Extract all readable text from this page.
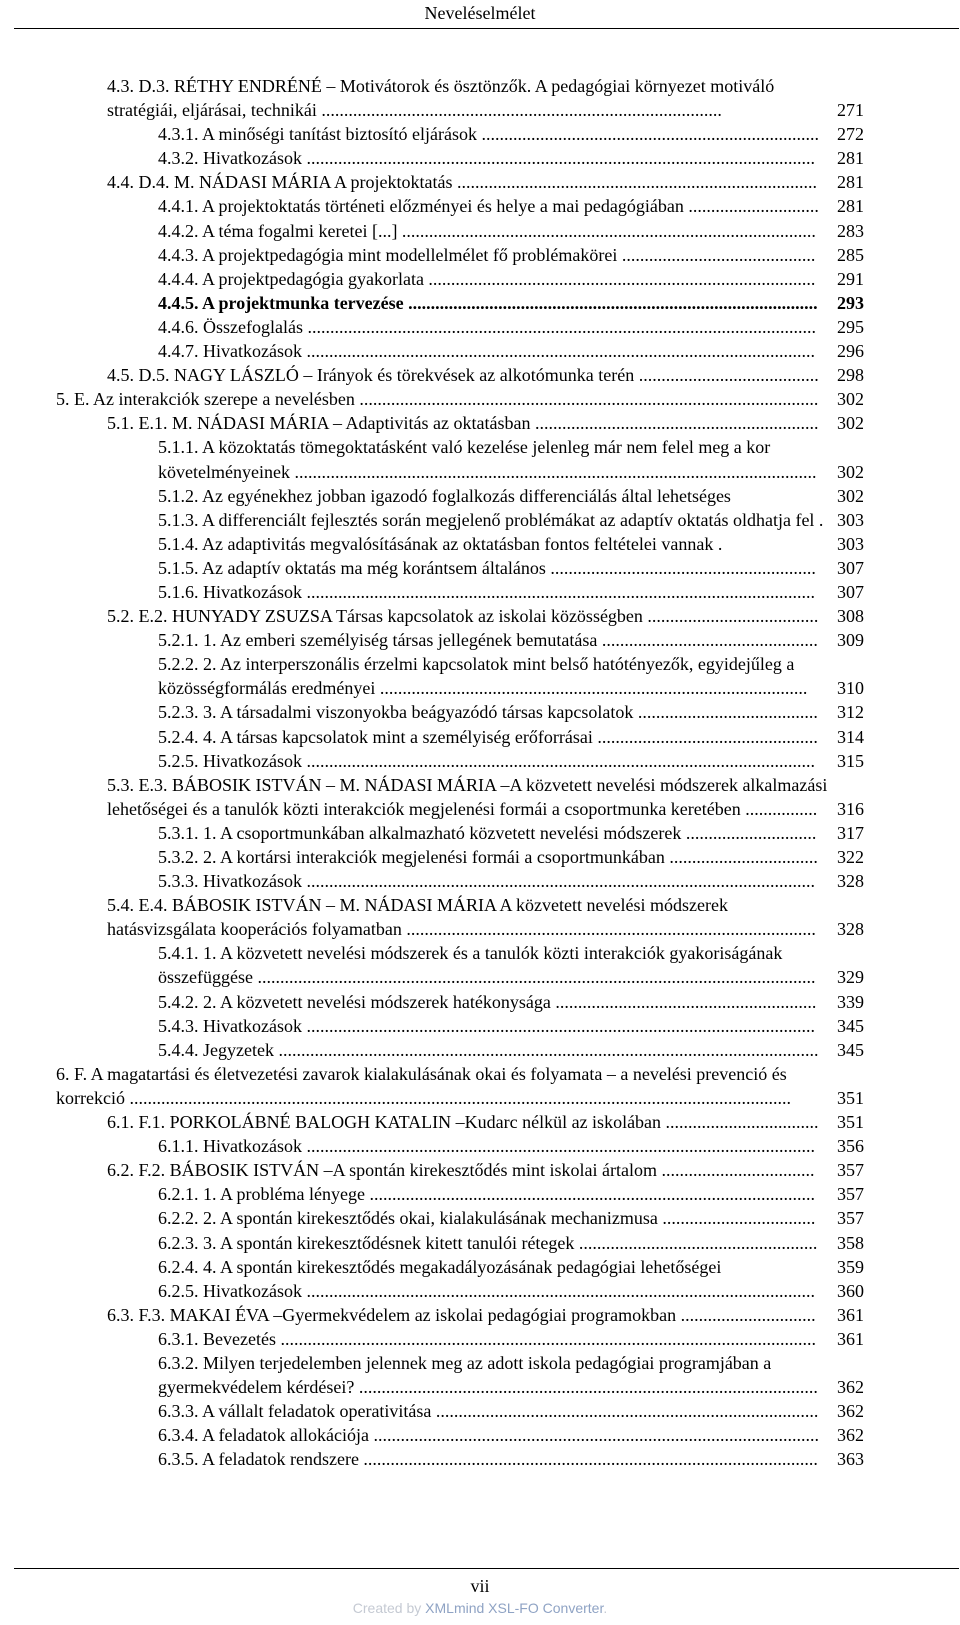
Neveléselmélet
4.3. D.3. RÉTHY ENDRÉNÉ – Motivátorok és ösztönzők. A pedagógiai környezet motiváló stratégiái, eljárásai, technikái .........................................................................................	271
4.3.1. A minőségi tanítást biztosító eljárások ...........................................................................	272
4.3.2. Hivatkozások .................................................................................................................	281
4.4. D.4. M. NÁDASI MÁRIA A projektoktatás ................................................................................	281
4.4.1. A projektoktatás történeti előzményei és helye a mai pedagógiában .............................	281
4.4.2. A téma fogalmi keretei [...] ............................................................................................	283
4.4.3. A projektpedagógia mint modellelmélet fő problémakörei ...........................................	285
4.4.4. A projektpedagógia gyakorlata ......................................................................................	291
4.4.5. A projektmunka tervezése ...........................................................................................	293
4.4.6. Összefoglalás .................................................................................................................	295
4.4.7. Hivatkozások .................................................................................................................	296
4.5. D.5. NAGY LÁSZLÓ – Irányok és törekvések az alkotómunka terén ........................................	298
5. E. Az interakciók szerepe a nevelésben ......................................................................................................	302
5.1. E.1. M. NÁDASI MÁRIA – Adaptivitás az oktatásban ...............................................................	302
5.1.1. A közoktatás tömegoktatásként való kezelése jelenleg már nem felel meg a kor követelményeinek ....................................................................................................................	302
5.1.2. Az egyénekhez jobban igazodó foglalkozás differenciálás által lehetséges	302
5.1.3. A differenciált fejlesztés során megjelenő problémákat az adaptív oktatás oldhatja fel . 303
5.1.4. Az adaptivitás megvalósításának az oktatásban fontos feltételei vannak .	303
5.1.5. Az adaptív oktatás ma még korántsem általános ...........................................................	307
5.1.6. Hivatkozások .................................................................................................................	307
5.2. E.2. HUNYADY ZSUZSA Társas kapcsolatok az iskolai közösségben ......................................	308
5.2.1. 1. Az emberi személyiség társas jellegének bemutatása ................................................	309
5.2.2. 2. Az interperszonális érzelmi kapcsolatok mint belső hatótényezők, egyidejűleg a közösségformálás eredményei ...............................................................................................	310
5.2.3. 3. A társadalmi viszonyokba beágyazódó társas kapcsolatok ........................................	312
5.2.4. 4. A társas kapcsolatok mint a személyiség erőforrásai .................................................	314
5.2.5. Hivatkozások .................................................................................................................	315
5.3. E.3. BÁBOSIK ISTVÁN – M. NÁDASI MÁRIA –A közvetett nevelési módszerek alkalmazási lehetőségei és a tanulók közti interakciók megjelenési formái a csoportmunka keretében ................	316
5.3.1. 1. A csoportmunkában alkalmazható közvetett nevelési módszerek .............................	317
5.3.2. 2. A kortársi interakciók megjelenési formái a csoportmunkában .................................	322
5.3.3. Hivatkozások .................................................................................................................	328
5.4. E.4. BÁBOSIK ISTVÁN – M. NÁDASI MÁRIA A közvetett nevelési módszerek hatásvizsgálata kooperációs folyamatban ...........................................................................................	328
5.4.1. 1. A közvetett nevelési módszerek és a tanulók közti interakciók gyakoriságának összefüggése ............................................................................................................................	329
5.4.2. 2. A közvetett nevelési módszerek hatékonysága ..........................................................	339
5.4.3. Hivatkozások .................................................................................................................	345
5.4.4. Jegyzetek ........................................................................................................................	345
6. F. A magatartási és életvezetési zavarok kialakulásának okai és folyamata – a nevelési prevenció és korrekció ...................................................................................................................................................	351
6.1. F.1. PORKOLÁBNÉ BALOGH KATALIN –Kudarc nélkül az iskolában ..................................	351
6.1.1. Hivatkozások .................................................................................................................	356
6.2. F.2. BÁBOSIK ISTVÁN –A spontán kirekesztődés mint iskolai ártalom ..................................	357
6.2.1. 1. A probléma lényege ...................................................................................................	357
6.2.2. 2. A spontán kirekesztődés okai, kialakulásának mechanizmusa ..................................	357
6.2.3. 3. A spontán kirekesztődésnek kitett tanulói rétegek .....................................................	358
6.2.4. 4. A spontán kirekesztődés megakadályozásának pedagógiai lehetőségei	359
6.2.5. Hivatkozások .................................................................................................................	360
6.3. F.3. MAKAI ÉVA –Gyermekvédelem az iskolai pedagógiai programokban ..............................	361
6.3.1. Bevezetés .......................................................................................................................	361
6.3.2. Milyen terjedelemben jelennek meg az adott iskola pedagógiai programjában a gyermekvédelem kérdései? ......................................................................................................	362
6.3.3. A vállalt feladatok operativitása .....................................................................................	362
6.3.4. A feladatok allokációja ...................................................................................................	362
6.3.5. A feladatok rendszere .....................................................................................................	363
vii
Created by XMLmind XSL-FO Converter.
